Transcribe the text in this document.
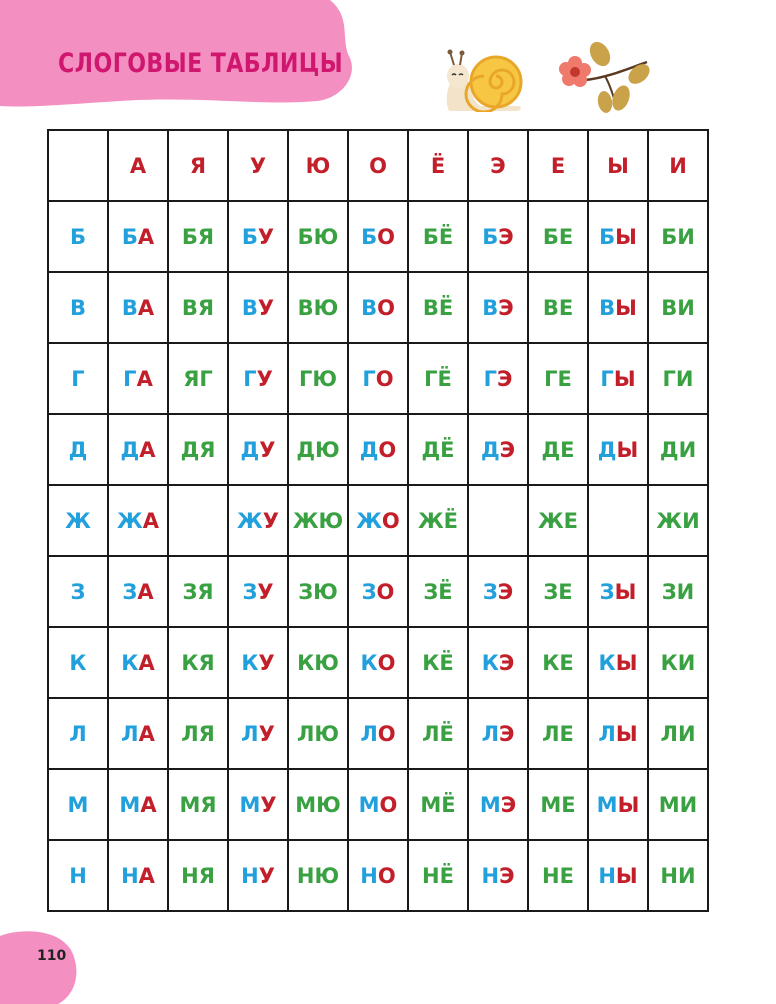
СЛОГОВЫЕ ТАБЛИЦЫ
	А	Я	У	Ю	О	Ё	Э	Е	Ы	И
Б	БА	БЯ	БУ	БЮ	БО	БЁ	БЭ	БЕ	БЫ	БИ
В	ВА	ВЯ	ВУ	ВЮ	ВО	ВЁ	ВЭ	ВЕ	ВЫ	ВИ
Г	ГА	ЯГ	ГУ	ГЮ	ГО	ГЁ	ГЭ	ГЕ	ГЫ	ГИ
Д	ДА	ДЯ	ДУ	ДЮ	ДО	ДЁ	ДЭ	ДЕ	ДЫ	ДИ
Ж	ЖА		ЖУ	ЖЮ	ЖО	ЖЁ		ЖЕ		ЖИ
З	ЗА	ЗЯ	ЗУ	ЗЮ	ЗО	ЗЁ	ЗЭ	ЗЕ	ЗЫ	ЗИ
К	КА	КЯ	КУ	КЮ	КО	КЁ	КЭ	КЕ	КЫ	КИ
Л	ЛА	ЛЯ	ЛУ	ЛЮ	ЛО	ЛЁ	ЛЭ	ЛЕ	ЛЫ	ЛИ
М	МА	МЯ	МУ	МЮ	МО	МЁ	МЭ	МЕ	МЫ	МИ
Н	НА	НЯ	НУ	НЮ	НО	НЁ	НЭ	НЕ	НЫ	НИ
110
